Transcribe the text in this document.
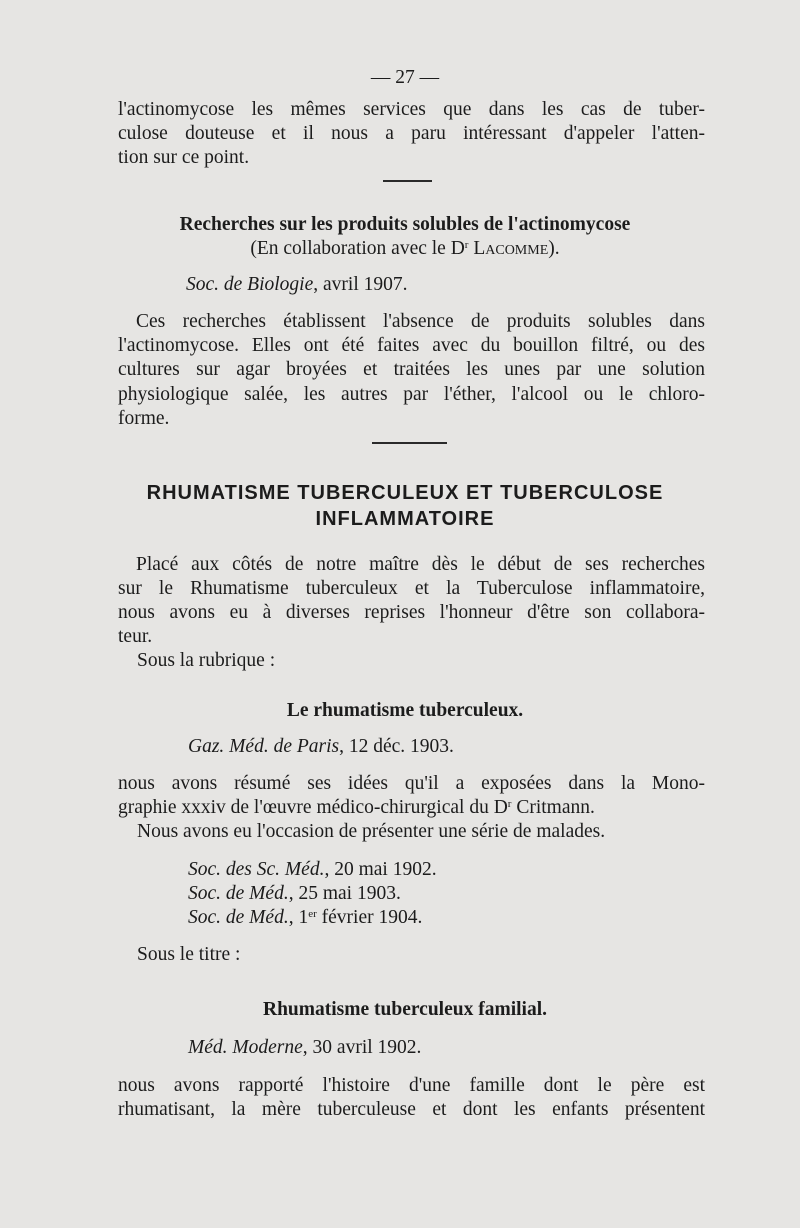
— 27 —
l'actinomycose les mêmes services que dans les cas de tuber-
culose douteuse et il nous a paru intéressant d'appeler l'atten-
tion sur ce point.
Recherches sur les produits solubles de l'actinomycose
(En collaboration avec le $D^r$ Lacomme).
Soc. de Biologie, avril 1907.
Ces recherches établissent l'absence de produits solubles dans
l'actinomycose. Elles ont été faites avec du bouillon filtré, ou des
cultures sur agar broyées et traitées les unes par une solution
physiologique salée, les autres par l'éther, l'alcool ou le chloro-
forme.
RHUMATISME TUBERCULEUX ET TUBERCULOSE
INFLAMMATOIRE
Placé aux côtés de notre maître dès le début de ses recherches
sur le Rhumatisme tuberculeux et la Tuberculose inflammatoire,
nous avons eu à diverses reprises l'honneur d'être son collabora-
teur.
Sous la rubrique :
Le rhumatisme tuberculeux.
Gaz. Méd. de Paris, 12 déc. 1903.
nous avons résumé ses idées qu'il a exposées dans la Mono-
graphie xxxiv de l'œuvre médico-chirurgical du $D^r$ Critmann.
Nous avons eu l'occasion de présenter une série de malades.
Soc. des Sc. Méd., 20 mai 1902.
Soc. de Méd., 25 mai 1903.
Soc. de Méd., 1er février 1904.
Sous le titre :
Rhumatisme tuberculeux familial.
Méd. Moderne, 30 avril 1902.
nous avons rapporté l'histoire d'une famille dont le père est
rhumatisant, la mère tuberculeuse et dont les enfants présentent
